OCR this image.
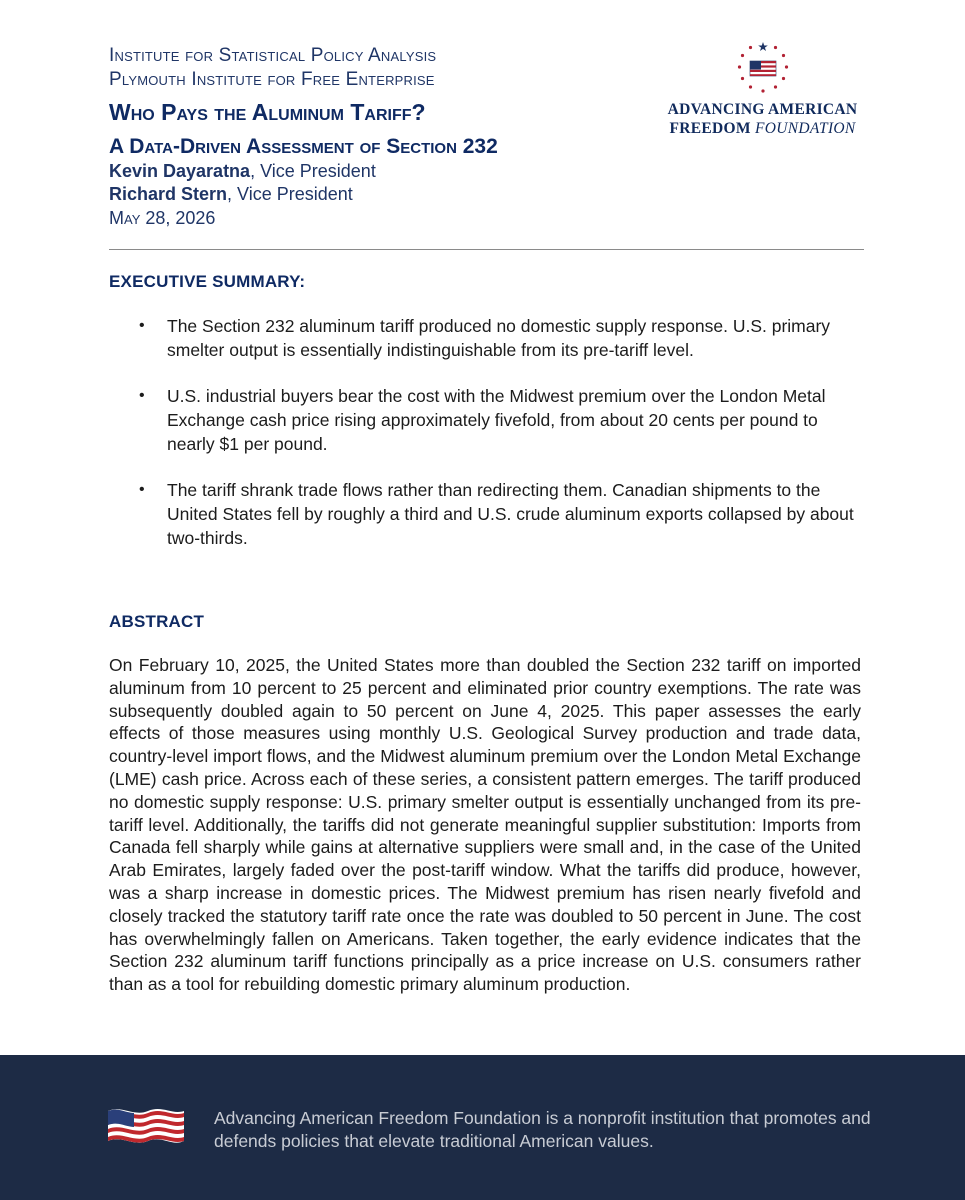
Institute for Statistical Policy Analysis
Plymouth Institute for Free Enterprise
Who Pays the Aluminum Tariff?
A Data-Driven Assessment of Section 232
Kevin Dayaratna, Vice President
Richard Stern, Vice President
May 28, 2026
ADVANCING AMERICAN
FREEDOM FOUNDATION
EXECUTIVE SUMMARY:
• The Section 232 aluminum tariff produced no domestic supply response. U.S. primary smelter output is essentially indistinguishable from its pre-tariff level.
• U.S. industrial buyers bear the cost with the Midwest premium over the London Metal Exchange cash price rising approximately fivefold, from about 20 cents per pound to nearly $1 per pound.
• The tariff shrank trade flows rather than redirecting them. Canadian shipments to the United States fell by roughly a third and U.S. crude aluminum exports collapsed by about two-thirds.
ABSTRACT

On February 10, 2025, the United States more than doubled the Section 232 tariff on imported aluminum from 10 percent to 25 percent and eliminated prior country exemptions. The rate was subsequently doubled again to 50 percent on June 4, 2025. This paper assesses the early effects of those measures using monthly U.S. Geological Survey production and trade data, country-level import flows, and the Midwest aluminum premium over the London Metal Exchange (LME) cash price. Across each of these series, a consistent pattern emerges. The tariff produced no domestic supply response: U.S. primary smelter output is essentially unchanged from its pre-tariff level. Additionally, the tariffs did not generate meaningful supplier substitution: Imports from Canada fell sharply while gains at alternative suppliers were small and, in the case of the United Arab Emirates, largely faded over the post-tariff window. What the tariffs did produce, however, was a sharp increase in domestic prices. The Midwest premium has risen nearly fivefold and closely tracked the statutory tariff rate once the rate was doubled to 50 percent in June. The cost has overwhelmingly fallen on Americans. Taken together, the early evidence indicates that the Section 232 aluminum tariff functions principally as a price increase on U.S. consumers rather than as a tool for rebuilding domestic primary aluminum production.

Advancing American Freedom Foundation is a nonprofit institution that promotes and defends policies that elevate traditional American values.
